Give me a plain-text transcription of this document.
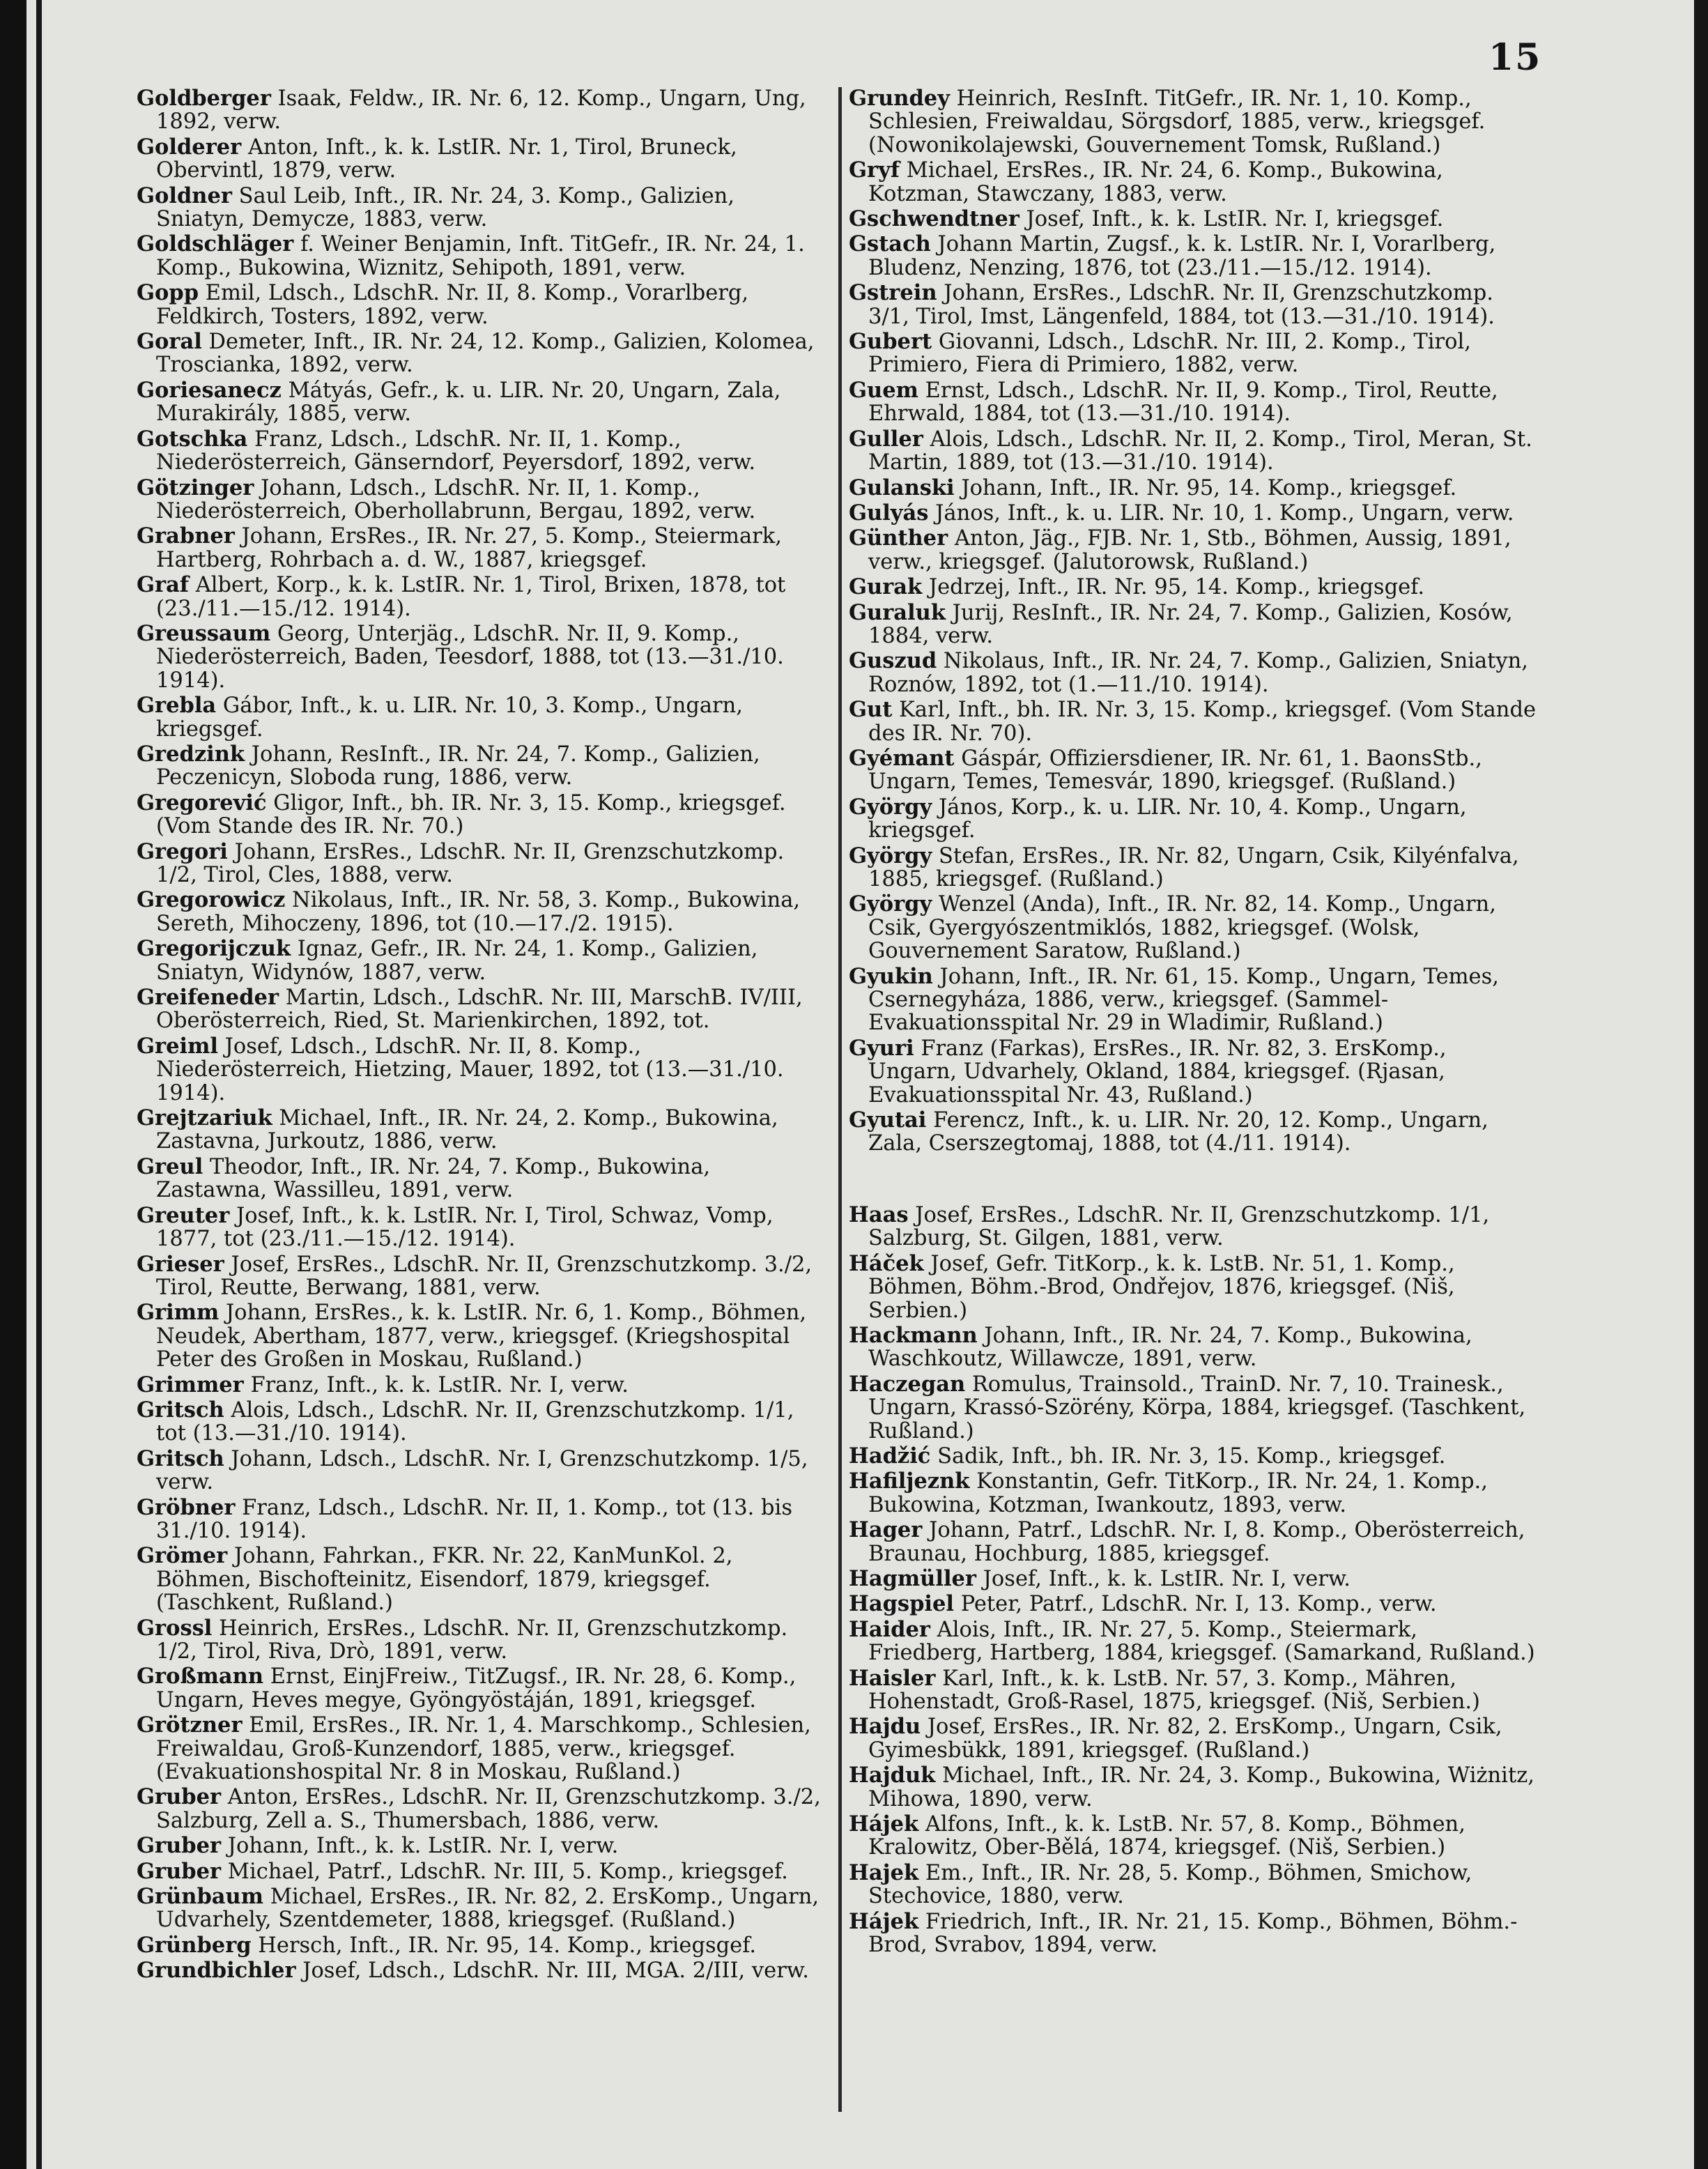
15
Goldberger Isaak, Feldw., IR. Nr. 6, 12. Komp., Ungarn, Ung, 1892, verw.
Golderer Anton, Inft., k. k. LstIR. Nr. 1, Tirol, Bruneck, Obervintl, 1879, verw.
Goldner Saul Leib, Inft., IR. Nr. 24, 3. Komp., Galizien, Sniatyn, Demycze, 1883, verw.
Goldschläger f. Weiner Benjamin, Inft. TitGefr., IR. Nr. 24, 1. Komp., Bukowina, Wiznitz, Sehipoth, 1891, verw.
Gopp Emil, Ldsch., LdschR. Nr. II, 8. Komp., Vorarlberg, Feldkirch, Tosters, 1892, verw.
Goral Demeter, Inft., IR. Nr. 24, 12. Komp., Galizien, Kolomea, Troscianka, 1892, verw.
Goriesanecz Mátyás, Gefr., k. u. LIR. Nr. 20, Ungarn, Zala, Murakirály, 1885, verw.
Gotschka Franz, Ldsch., LdschR. Nr. II, 1. Komp., Niederösterreich, Gänserndorf, Peyersdorf, 1892, verw.
Götzinger Johann, Ldsch., LdschR. Nr. II, 1. Komp., Niederösterreich, Oberhollabrunn, Bergau, 1892, verw.
Grabner Johann, ErsRes., IR. Nr. 27, 5. Komp., Steiermark, Hartberg, Rohrbach a. d. W., 1887, kriegsgef.
Graf Albert, Korp., k. k. LstIR. Nr. 1, Tirol, Brixen, 1878, tot (23./11.—15./12. 1914).
Greussaum Georg, Unterjäg., LdschR. Nr. II, 9. Komp., Niederösterreich, Baden, Teesdorf, 1888, tot (13.—31./10. 1914).
Grebla Gábor, Inft., k. u. LIR. Nr. 10, 3. Komp., Ungarn, kriegsgef.
Gredzink Johann, ResInft., IR. Nr. 24, 7. Komp., Galizien, Peczenicyn, Sloboda rung, 1886, verw.
Gregorević Gligor, Inft., bh. IR. Nr. 3, 15. Komp., kriegsgef. (Vom Stande des IR. Nr. 70.)
Gregori Johann, ErsRes., LdschR. Nr. II, Grenzschutzkomp. 1/2, Tirol, Cles, 1888, verw.
Gregorowicz Nikolaus, Inft., IR. Nr. 58, 3. Komp., Bukowina, Sereth, Mihoczeny, 1896, tot (10.—17./2. 1915).
Gregorijczuk Ignaz, Gefr., IR. Nr. 24, 1. Komp., Galizien, Sniatyn, Widynów, 1887, verw.
Greifeneder Martin, Ldsch., LdschR. Nr. III, MarschB. IV/III, Oberösterreich, Ried, St. Marienkirchen, 1892, tot.
Greiml Josef, Ldsch., LdschR. Nr. II, 8. Komp., Niederösterreich, Hietzing, Mauer, 1892, tot (13.—31./10. 1914).
Grejtzariuk Michael, Inft., IR. Nr. 24, 2. Komp., Bukowina, Zastavna, Jurkoutz, 1886, verw.
Greul Theodor, Inft., IR. Nr. 24, 7. Komp., Bukowina, Zastawna, Wassilleu, 1891, verw.
Greuter Josef, Inft., k. k. LstIR. Nr. I, Tirol, Schwaz, Vomp, 1877, tot (23./11.—15./12. 1914).
Grieser Josef, ErsRes., LdschR. Nr. II, Grenzschutzkomp. 3./2, Tirol, Reutte, Berwang, 1881, verw.
Grimm Johann, ErsRes., k. k. LstIR. Nr. 6, 1. Komp., Böhmen, Neudek, Abertham, 1877, verw., kriegsgef. (Kriegshospital Peter des Großen in Moskau, Rußland.)
Grimmer Franz, Inft., k. k. LstIR. Nr. I, verw.
Gritsch Alois, Ldsch., LdschR. Nr. II, Grenzschutzkomp. 1/1, tot (13.—31./10. 1914).
Gritsch Johann, Ldsch., LdschR. Nr. I, Grenzschutzkomp. 1/5, verw.
Gröbner Franz, Ldsch., LdschR. Nr. II, 1. Komp., tot (13. bis 31./10. 1914).
Grömer Johann, Fahrkan., FKR. Nr. 22, KanMunKol. 2, Böhmen, Bischofteinitz, Eisendorf, 1879, kriegsgef. (Taschkent, Rußland.)
Grossl Heinrich, ErsRes., LdschR. Nr. II, Grenzschutzkomp. 1/2, Tirol, Riva, Drò, 1891, verw.
Großmann Ernst, EinjFreiw., TitZugsf., IR. Nr. 28, 6. Komp., Ungarn, Heves megye, Gyöngyöstáján, 1891, kriegsgef.
Grötzner Emil, ErsRes., IR. Nr. 1, 4. Marschkomp., Schlesien, Freiwaldau, Groß-Kunzendorf, 1885, verw., kriegsgef. (Evakuationshospital Nr. 8 in Moskau, Rußland.)
Gruber Anton, ErsRes., LdschR. Nr. II, Grenzschutzkomp. 3./2, Salzburg, Zell a. S., Thumersbach, 1886, verw.
Gruber Johann, Inft., k. k. LstIR. Nr. I, verw.
Gruber Michael, Patrf., LdschR. Nr. III, 5. Komp., kriegsgef.
Grünbaum Michael, ErsRes., IR. Nr. 82, 2. ErsKomp., Ungarn, Udvarhely, Szentdemeter, 1888, kriegsgef. (Rußland.)
Grünberg Hersch, Inft., IR. Nr. 95, 14. Komp., kriegsgef.
Grundbichler Josef, Ldsch., LdschR. Nr. III, MGA. 2/III, verw.
Grundey Heinrich, ResInft. TitGefr., IR. Nr. 1, 10. Komp., Schlesien, Freiwaldau, Sörgsdorf, 1885, verw., kriegsgef. (Nowonikolajewski, Gouvernement Tomsk, Rußland.)
Gryf Michael, ErsRes., IR. Nr. 24, 6. Komp., Bukowina, Kotzman, Stawczany, 1883, verw.
Gschwendtner Josef, Inft., k. k. LstIR. Nr. I, kriegsgef.
Gstach Johann Martin, Zugsf., k. k. LstIR. Nr. I, Vorarlberg, Bludenz, Nenzing, 1876, tot (23./11.—15./12. 1914).
Gstrein Johann, ErsRes., LdschR. Nr. II, Grenzschutzkomp. 3/1, Tirol, Imst, Längenfeld, 1884, tot (13.—31./10. 1914).
Gubert Giovanni, Ldsch., LdschR. Nr. III, 2. Komp., Tirol, Primiero, Fiera di Primiero, 1882, verw.
Guem Ernst, Ldsch., LdschR. Nr. II, 9. Komp., Tirol, Reutte, Ehrwald, 1884, tot (13.—31./10. 1914).
Guller Alois, Ldsch., LdschR. Nr. II, 2. Komp., Tirol, Meran, St. Martin, 1889, tot (13.—31./10. 1914).
Gulanski Johann, Inft., IR. Nr. 95, 14. Komp., kriegsgef.
Gulyás János, Inft., k. u. LIR. Nr. 10, 1. Komp., Ungarn, verw.
Günther Anton, Jäg., FJB. Nr. 1, Stb., Böhmen, Aussig, 1891, verw., kriegsgef. (Jalutorowsk, Rußland.)
Gurak Jedrzej, Inft., IR. Nr. 95, 14. Komp., kriegsgef.
Guraluk Jurij, ResInft., IR. Nr. 24, 7. Komp., Galizien, Kosów, 1884, verw.
Guszud Nikolaus, Inft., IR. Nr. 24, 7. Komp., Galizien, Sniatyn, Roznów, 1892, tot (1.—11./10. 1914).
Gut Karl, Inft., bh. IR. Nr. 3, 15. Komp., kriegsgef. (Vom Stande des IR. Nr. 70).
Gyémant Gáspár, Offiziersdiener, IR. Nr. 61, 1. BaonsStb., Ungarn, Temes, Temesvár, 1890, kriegsgef. (Rußland.)
György János, Korp., k. u. LIR. Nr. 10, 4. Komp., Ungarn, kriegsgef.
György Stefan, ErsRes., IR. Nr. 82, Ungarn, Csik, Kilyénfalva, 1885, kriegsgef. (Rußland.)
György Wenzel (Anda), Inft., IR. Nr. 82, 14. Komp., Ungarn, Csik, Gyergyószentmiklós, 1882, kriegsgef. (Wolsk, Gouvernement Saratow, Rußland.)
Gyukin Johann, Inft., IR. Nr. 61, 15. Komp., Ungarn, Temes, Csernegyháza, 1886, verw., kriegsgef. (Sammel-Evakuationsspital Nr. 29 in Wladimir, Rußland.)
Gyuri Franz (Farkas), ErsRes., IR. Nr. 82, 3. ErsKomp., Ungarn, Udvarhely, Okland, 1884, kriegsgef. (Rjasan, Evakuationsspital Nr. 43, Rußland.)
Gyutai Ferencz, Inft., k. u. LIR. Nr. 20, 12. Komp., Ungarn, Zala, Cserszegtomaj, 1888, tot (4./11. 1914).
Haas Josef, ErsRes., LdschR. Nr. II, Grenzschutzkomp. 1/1, Salzburg, St. Gilgen, 1881, verw.
Háček Josef, Gefr. TitKorp., k. k. LstB. Nr. 51, 1. Komp., Böhmen, Böhm.-Brod, Ondřejov, 1876, kriegsgef. (Niš, Serbien.)
Hackmann Johann, Inft., IR. Nr. 24, 7. Komp., Bukowina, Waschkoutz, Willawcze, 1891, verw.
Haczegan Romulus, Trainsold., TrainD. Nr. 7, 10. Trainesk., Ungarn, Krassó-Szörény, Körpa, 1884, kriegsgef. (Taschkent, Rußland.)
Hadžić Sadik, Inft., bh. IR. Nr. 3, 15. Komp., kriegsgef.
Hafiljeznk Konstantin, Gefr. TitKorp., IR. Nr. 24, 1. Komp., Bukowina, Kotzman, Iwankoutz, 1893, verw.
Hager Johann, Patrf., LdschR. Nr. I, 8. Komp., Oberösterreich, Braunau, Hochburg, 1885, kriegsgef.
Hagmüller Josef, Inft., k. k. LstIR. Nr. I, verw.
Hagspiel Peter, Patrf., LdschR. Nr. I, 13. Komp., verw.
Haider Alois, Inft., IR. Nr. 27, 5. Komp., Steiermark, Friedberg, Hartberg, 1884, kriegsgef. (Samarkand, Rußland.)
Haisler Karl, Inft., k. k. LstB. Nr. 57, 3. Komp., Mähren, Hohenstadt, Groß-Rasel, 1875, kriegsgef. (Niš, Serbien.)
Hajdu Josef, ErsRes., IR. Nr. 82, 2. ErsKomp., Ungarn, Csik, Gyimesbükk, 1891, kriegsgef. (Rußland.)
Hajduk Michael, Inft., IR. Nr. 24, 3. Komp., Bukowina, Wiżnitz, Mihowa, 1890, verw.
Hájek Alfons, Inft., k. k. LstB. Nr. 57, 8. Komp., Böhmen, Kralowitz, Ober-Bělá, 1874, kriegsgef. (Niš, Serbien.)
Hajek Em., Inft., IR. Nr. 28, 5. Komp., Böhmen, Smichow, Stechovice, 1880, verw.
Hájek Friedrich, Inft., IR. Nr. 21, 15. Komp., Böhmen, Böhm.-Brod, Svrabov, 1894, verw.
